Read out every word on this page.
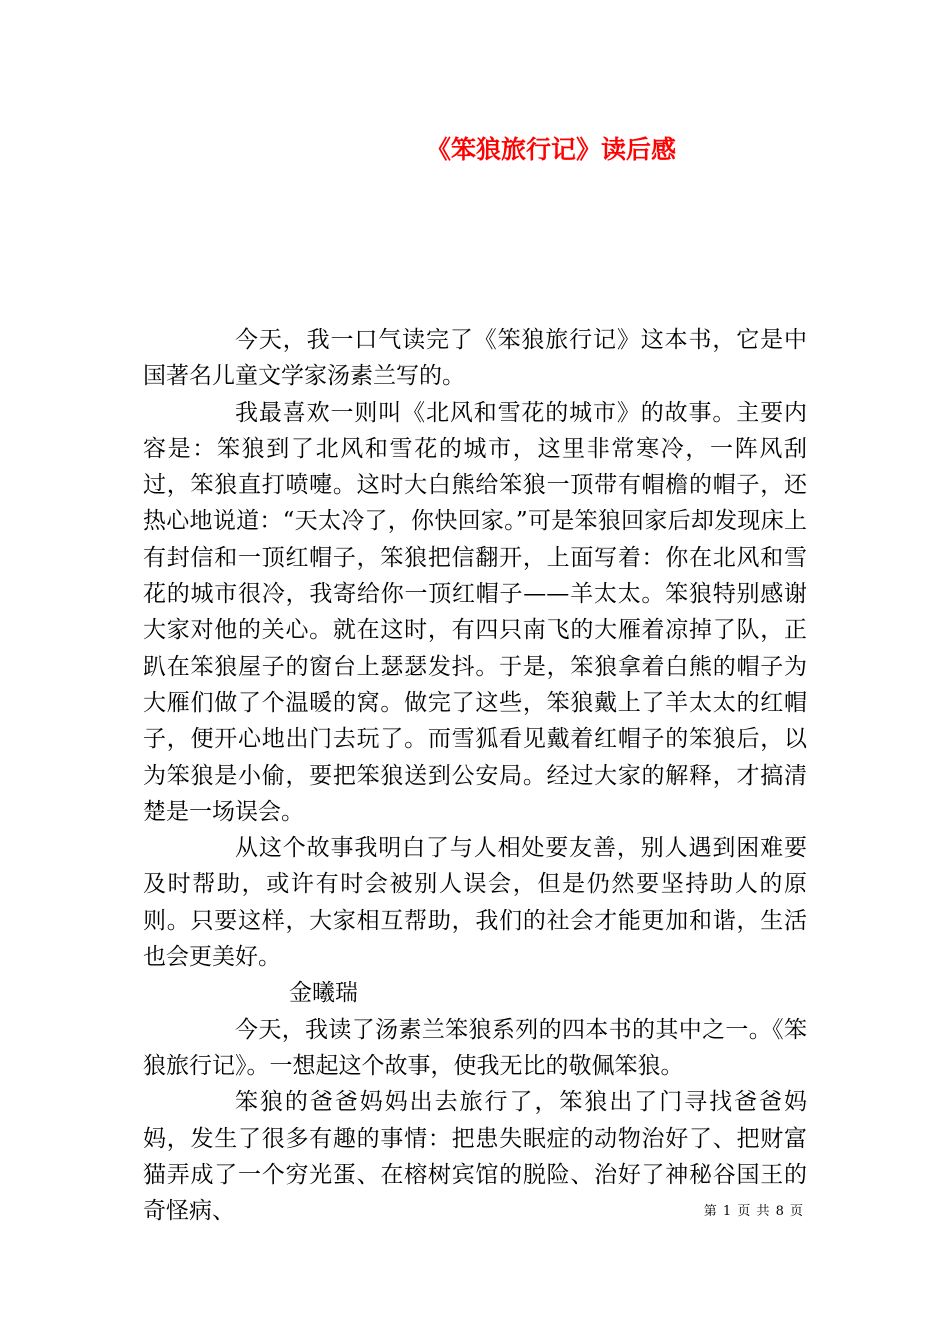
《笨狼旅行记》读后感

今天，我一口气读完了《笨狼旅行记》这本书，它是中国著名儿童文学家汤素兰写的。

我最喜欢一则叫《北风和雪花的城市》的故事。主要内容是：笨狼到了北风和雪花的城市，这里非常寒冷，一阵风刮过，笨狼直打喷嚏。这时大白熊给笨狼一顶带有帽檐的帽子，还热心地说道：“天太冷了，你快回家。”可是笨狼回家后却发现床上有封信和一顶红帽子，笨狼把信翻开，上面写着：你在北风和雪花的城市很冷，我寄给你一顶红帽子——羊太太。笨狼特别感谢大家对他的关心。就在这时，有四只南飞的大雁着凉掉了队，正趴在笨狼屋子的窗台上瑟瑟发抖。于是，笨狼拿着白熊的帽子为大雁们做了个温暖的窝。做完了这些，笨狼戴上了羊太太的红帽子，便开心地出门去玩了。而雪狐看见戴着红帽子的笨狼后，以为笨狼是小偷，要把笨狼送到公安局。经过大家的解释，才搞清楚是一场误会。

从这个故事我明白了与人相处要友善，别人遇到困难要及时帮助，或许有时会被别人误会，但是仍然要坚持助人的原则。只要这样，大家相互帮助，我们的社会才能更加和谐，生活也会更美好。

金曦瑞

今天，我读了汤素兰笨狼系列的四本书的其中之一。《笨狼旅行记》。一想起这个故事，使我无比的敬佩笨狼。

笨狼的爸爸妈妈出去旅行了，笨狼出了门寻找爸爸妈妈，发生了很多有趣的事情：把患失眠症的动物治好了、把财富猫弄成了一个穷光蛋、在榕树宾馆的脱险、治好了神秘谷国王的奇怪病、	第 1 页 共 8 页
